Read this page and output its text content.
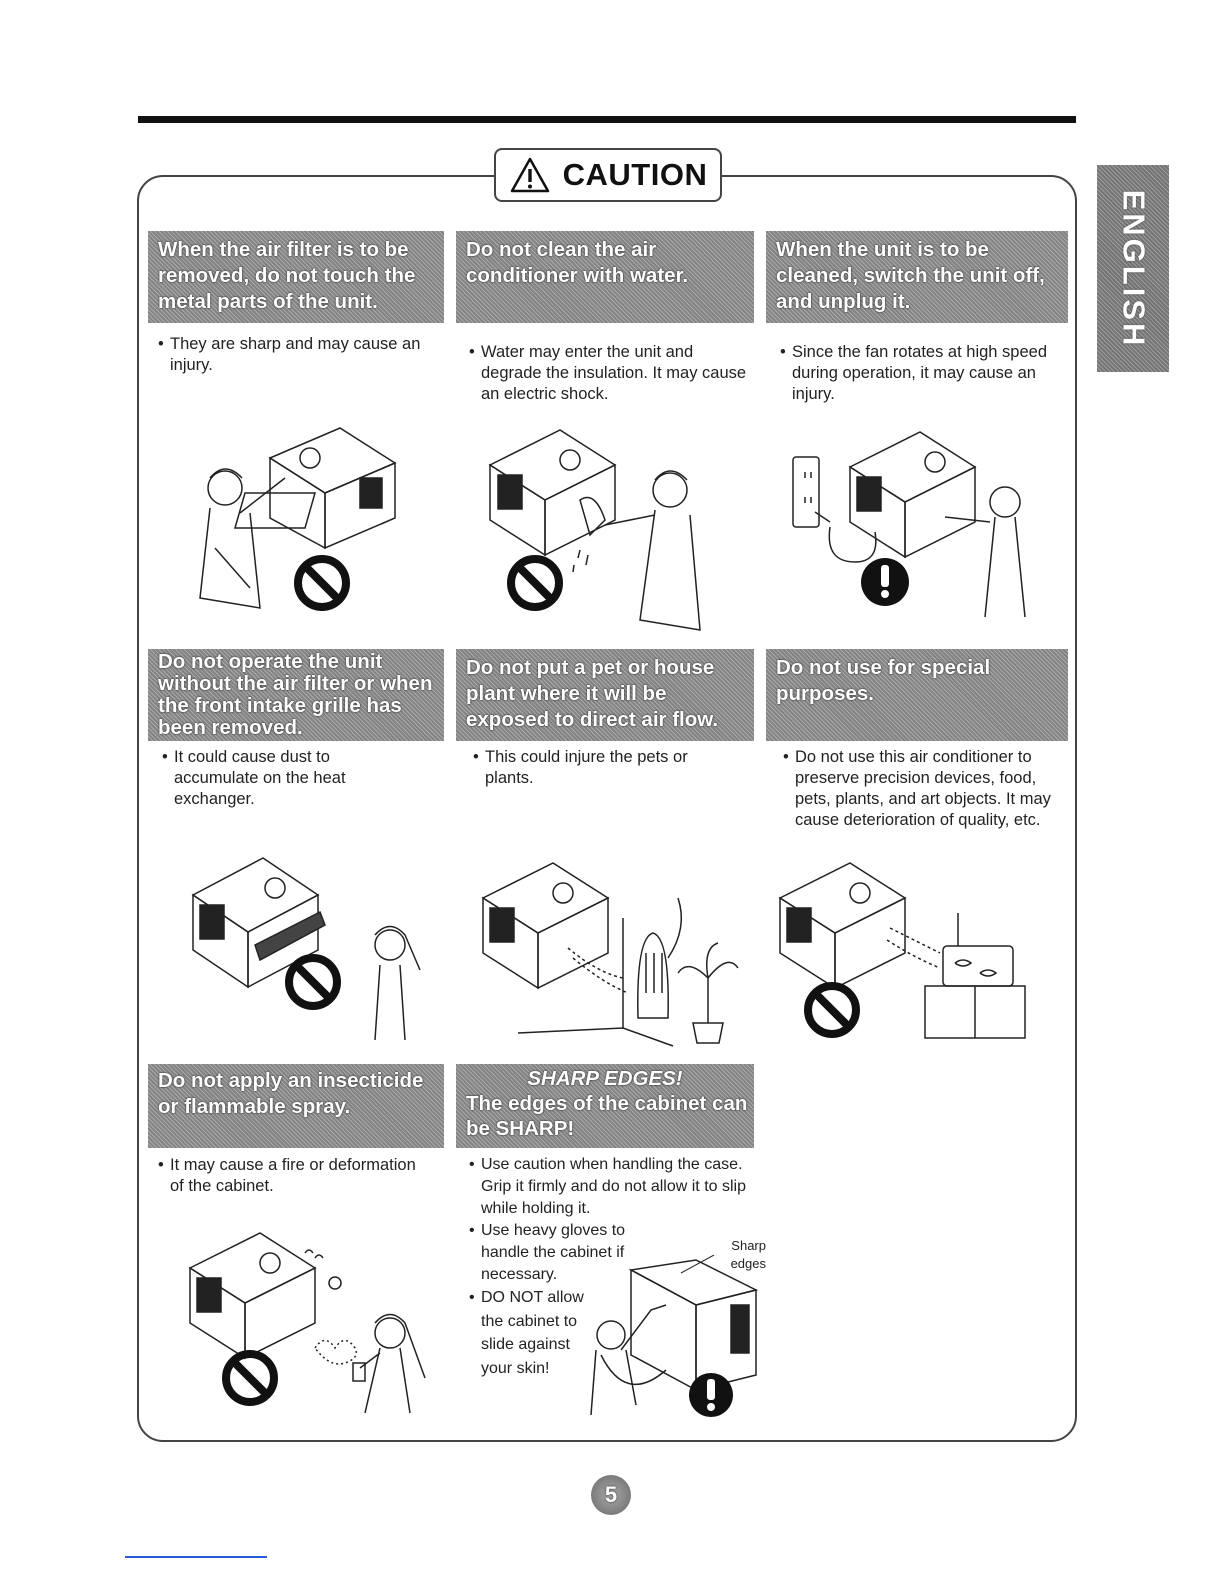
CAUTION
ENGLISH
When the air filter is to be
removed, do not touch the
metal parts of the unit.

• They are sharp and may cause an injury.

Do not clean the air
conditioner with water.

• Water may enter the unit and degrade the insulation. It may cause an electric shock.

When the unit is to be
cleaned, switch the unit off,
and unplug it.

• Since the fan rotates at high speed during operation, it may cause an injury.

Do not operate the unit
without the air filter or when
the front intake grille has
been removed.

• It could cause dust to accumulate on the heat exchanger.

Do not put a pet or house
plant where it will be
exposed to direct air flow.

• This could injure the pets or plants.

Do not use for special
purposes.

• Do not use this air conditioner to preserve precision devices, food, pets, plants, and art objects. It may cause deterioration of quality, etc.

Do not apply an insecticide
or flammable spray.

• It may cause a fire or deformation of the cabinet.

SHARP EDGES!
The edges of the cabinet can
be SHARP!

• Use caution when handling the case. Grip it firmly and do not allow it to slip while holding it.

• Use heavy gloves to handle the cabinet if necessary.

• DO NOT allow the cabinet to slide against your skin!

Sharp edges
5
